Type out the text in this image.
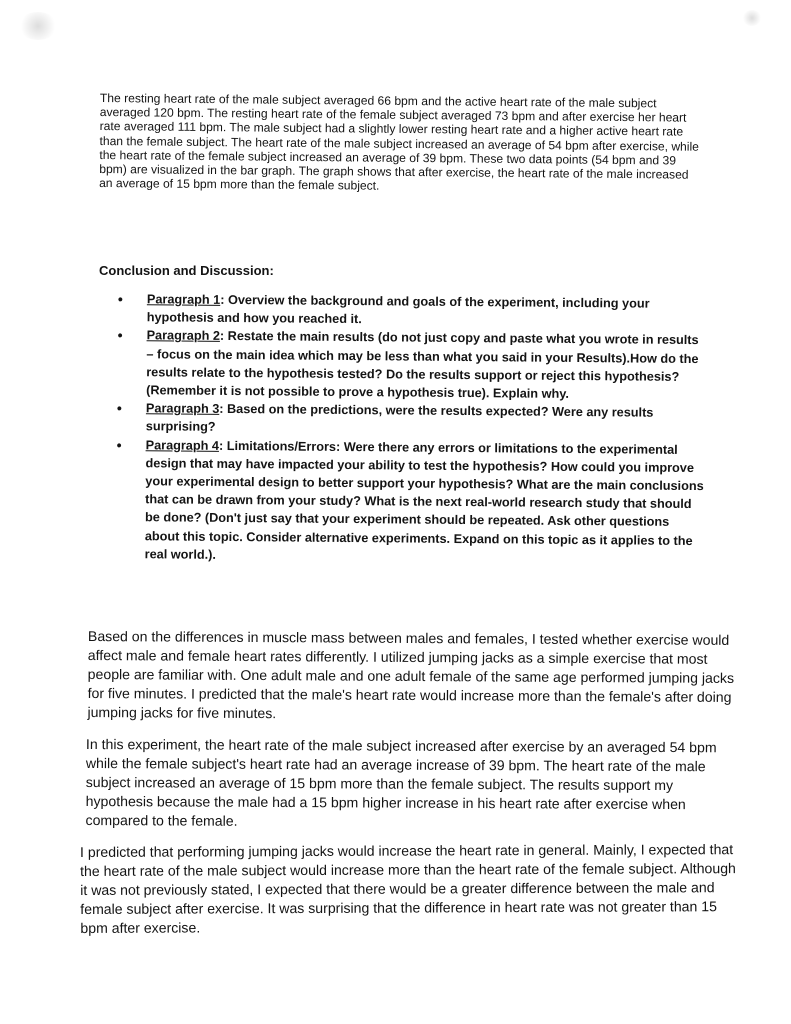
The resting heart rate of the male subject averaged 66 bpm and the active heart rate of the male subject averaged 120 bpm. The resting heart rate of the female subject averaged 73 bpm and after exercise her heart rate averaged 111 bpm. The male subject had a slightly lower resting heart rate and a higher active heart rate than the female subject. The heart rate of the male subject increased an average of 54 bpm after exercise, while the heart rate of the female subject increased an average of 39 bpm. These two data points (54 bpm and 39 bpm) are visualized in the bar graph. The graph shows that after exercise, the heart rate of the male increased an average of 15 bpm more than the female subject.

Conclusion and Discussion:
• Paragraph 1: Overview the background and goals of the experiment, including your hypothesis and how you reached it.
• Paragraph 2: Restate the main results (do not just copy and paste what you wrote in results – focus on the main idea which may be less than what you said in your Results).How do the results relate to the hypothesis tested? Do the results support or reject this hypothesis? (Remember it is not possible to prove a hypothesis true). Explain why.
• Paragraph 3: Based on the predictions, were the results expected? Were any results surprising?
• Paragraph 4: Limitations/Errors: Were there any errors or limitations to the experimental design that may have impacted your ability to test the hypothesis? How could you improve your experimental design to better support your hypothesis? What are the main conclusions that can be drawn from your study? What is the next real-world research study that should be done? (Don't just say that your experiment should be repeated. Ask other questions about this topic. Consider alternative experiments. Expand on this topic as it applies to the real world.).

Based on the differences in muscle mass between males and females, I tested whether exercise would affect male and female heart rates differently. I utilized jumping jacks as a simple exercise that most people are familiar with. One adult male and one adult female of the same age performed jumping jacks for five minutes. I predicted that the male's heart rate would increase more than the female's after doing jumping jacks for five minutes.

In this experiment, the heart rate of the male subject increased after exercise by an averaged 54 bpm while the female subject's heart rate had an average increase of 39 bpm. The heart rate of the male subject increased an average of 15 bpm more than the female subject. The results support my hypothesis because the male had a 15 bpm higher increase in his heart rate after exercise when compared to the female.

I predicted that performing jumping jacks would increase the heart rate in general. Mainly, I expected that the heart rate of the male subject would increase more than the heart rate of the female subject. Although it was not previously stated, I expected that there would be a greater difference between the male and female subject after exercise. It was surprising that the difference in heart rate was not greater than 15 bpm after exercise.
